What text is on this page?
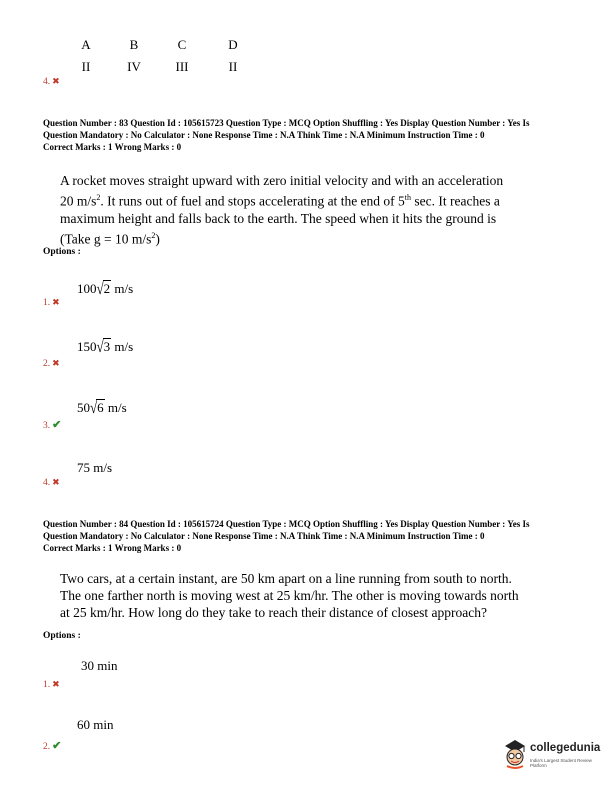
A	B	C	D
II	IV	III	II
4. ✖
Question Number : 83 Question Id : 105615723 Question Type : MCQ Option Shuffling : Yes Display Question Number : Yes Is
Question Mandatory : No Calculator : None Response Time : N.A Think Time : N.A Minimum Instruction Time : 0
Correct Marks : 1 Wrong Marks : 0
A rocket moves straight upward with zero initial velocity and with an acceleration
20 $m/s^2$. It runs out of fuel and stops accelerating at the end of 5th sec. It reaches a
maximum height and falls back to the earth. The speed when it hits the ground is
(Take g = 10 $m/s^2$)
Options :
100√2 m/s
1. ✖
150√3 m/s
2. ✖
50√6 m/s
3. ✔
75 m/s
4. ✖
Question Number : 84 Question Id : 105615724 Question Type : MCQ Option Shuffling : Yes Display Question Number : Yes Is
Question Mandatory : No Calculator : None Response Time : N.A Think Time : N.A Minimum Instruction Time : 0
Correct Marks : 1 Wrong Marks : 0
Two cars, at a certain instant, are 50 km apart on a line running from south to north.
The one farther north is moving west at 25 km/hr. The other is moving towards north
at 25 km/hr. How long do they take to reach their distance of closest approach?
Options :
30 min
1. ✖
60 min
2. ✔	collegedunia
India's Largest Student Review Platform
